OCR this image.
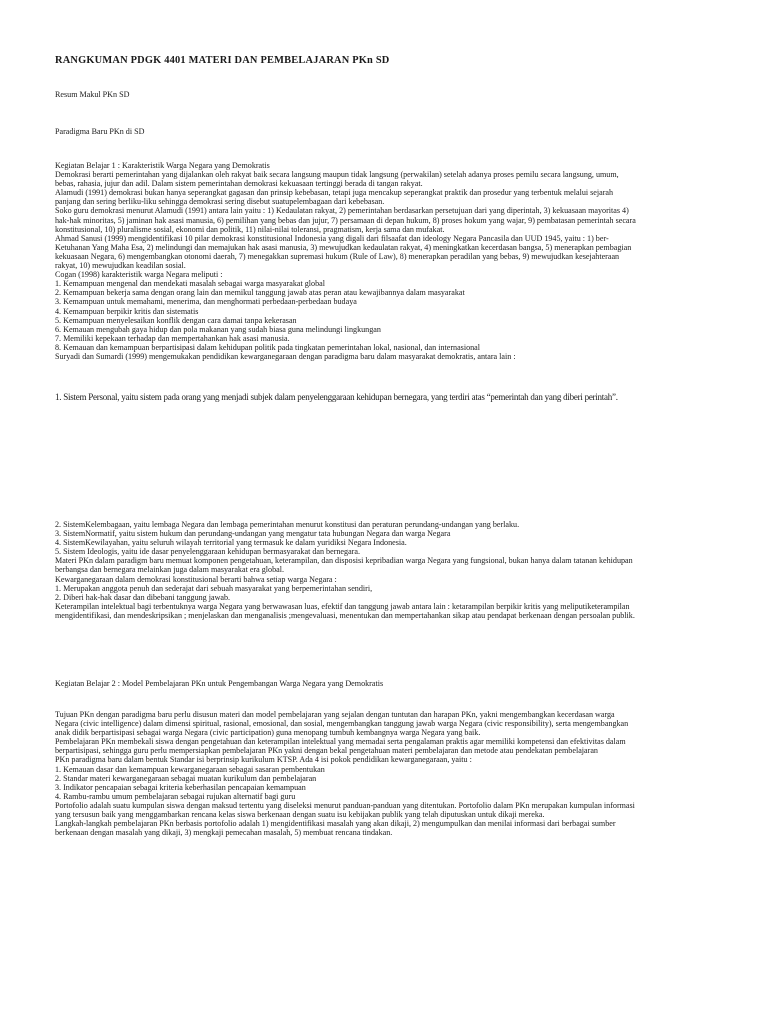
RANGKUMAN PDGK 4401 MATERI DAN PEMBELAJARAN PKn SD
Resum Makul PKn SD
Paradigma Baru PKn di SD
Kegiatan Belajar 1 : Karakteristik Warga Negara yang Demokratis
Demokrasi berarti pemerintahan yang dijalankan oleh rakyat baik secara langsung maupun tidak langsung (perwakilan) setelah adanya proses pemilu secara langsung, umum,
bebas, rahasia, jujur dan adil. Dalam sistem pemerintahan demokrasi kekuasaan tertinggi berada di tangan rakyat.
Alamudi (1991) demokrasi bukan hanya seperangkat gagasan dan prinsip kebebasan, tetapi juga mencakup seperangkat praktik dan prosedur yang terbentuk melalui sejarah
panjang dan sering berliku-liku sehingga demokrasi sering disebut suatupelembagaan dari kebebasan.
Soko guru demokrasi menurut Alamudi (1991) antara lain yaitu : 1) Kedaulatan rakyat, 2) pemerintahan berdasarkan persetujuan dari yang diperintah, 3) kekuasaan mayoritas 4)
hak-hak minoritas, 5) jaminan hak asasi manusia, 6) pemilihan yang bebas dan jujur, 7) persamaan di depan hukum, 8) proses hokum yang wajar, 9) pembatasan pemerintah secara
konstitusional, 10) pluralisme sosial, ekonomi dan politik, 11) nilai-nilai toleransi, pragmatism, kerja sama dan mufakat.
Ahmad Sanusi (1999) mengidentifikasi 10 pilar demokrasi konstitusional Indonesia yang digali dari filsaafat dan ideology Negara Pancasila dan UUD 1945, yaitu : 1) ber-
Ketuhanan Yang Maha Esa, 2) melindungi dan memajukan hak asasi manusia, 3) mewujudkan kedaulatan rakyat, 4) meningkatkan kecerdasan bangsa, 5) menerapkan pembagian
kekuasaan Negara, 6) mengembangkan otonomi daerah, 7) menegakkan supremasi hukum (Rule of Law), 8) menerapkan peradilan yang bebas, 9) mewujudkan kesejahteraan
rakyat, 10) mewujudkan keadilan sosial.
Cogan (1998) karakteristik warga Negara meliputi :
1. Kemampuan mengenal dan mendekati masalah sebagai warga masyarakat global
2. Kemampuan bekerja sama dengan orang lain dan memikul tanggung jawab atas peran atau kewajibannya dalam masyarakat
3. Kemampuan untuk memahami, menerima, dan menghormati perbedaan-perbedaan budaya
4. Kemampuan berpikir kritis dan sistematis
5. Kemampuan menyelesaikan konflik dengan cara damai tanpa kekerasan
6. Kemauan mengubah gaya hidup dan pola makanan yang sudah biasa guna melindungi lingkungan
7. Memiliki kepekaan terhadap dan mempertahankan hak asasi manusia.
8. Kemauan dan kemampuan berpartisipasi dalam kehidupan politik pada tingkatan pemerintahan lokal, nasional, dan internasional
Suryadi dan Sumardi (1999) mengemukakan pendidikan kewarganegaraan dengan paradigma baru dalam masyarakat demokratis, antara lain :
1. Sistem Personal, yaitu sistem pada orang yang menjadi subjek dalam penyelenggaraan kehidupan bernegara, yang terdiri atas “pemerintah dan yang diberi perintah”.
2. SistemKelembagaan, yaitu lembaga Negara dan lembaga pemerintahan menurut konstitusi dan peraturan perundang-undangan yang berlaku.
3. SistemNormatif, yaitu sistem hukum dan perundang-undangan yang mengatur tata hubungan Negara dan warga Negara
4. SistemKewilayahan, yaitu seluruh wilayah territorial yang termasuk ke dalam yuridiksi Negara Indonesia.
5. Sistem Ideologis, yaitu ide dasar penyelenggaraan kehidupan bermasyarakat dan bernegara.
Materi PKn dalam paradigm baru memuat komponen pengetahuan, keterampilan, dan disposisi kepribadian warga Negara yang fungsional, bukan hanya dalam tatanan kehidupan
berbangsa dan bernegara melainkan juga dalam masyarakat era global.
Kewarganegaraan dalam demokrasi konstitusional berarti bahwa setiap warga Negara :
1. Merupakan anggota penuh dan sederajat dari sebuah masyarakat yang berpemerintahan sendiri,
2. Diberi hak-hak dasar dan dibebani tanggung jawab.
Keterampilan intelektual bagi terbentuknya warga Negara yang berwawasan luas, efektif dan tanggung jawab antara lain : ketarampilan berpikir kritis yang meliputiketerampilan
mengidentifikasi, dan mendeskripsikan ; menjelaskan dan menganalisis ;mengevaluasi, menentukan dan mempertahankan sikap atau pendapat berkenaan dengan persoalan publik.
Kegiatan Belajar 2 : Model Pembelajaran PKn untuk Pengembangan Warga Negara yang Demokratis
Tujuan PKn dengan paradigma baru perlu disusun materi dan model pembelajaran yang sejalan dengan tuntutan dan harapan PKn, yakni mengembangkan kecerdasan warga
Negara (civic intelligence) dalam dimensi spiritual, rasional, emosional, dan sosial, mengembangkan tanggung jawab warga Negara (civic responsibility), serta mengembangkan
anak didik berpartisipasi sebagai warga Negara (civic participation) guna menopang tumbuh kembangnya warga Negara yang baik.
Pembelajaran PKn membekali siswa dengan pengetahuan dan keterampilan intelektual yang memadai serta pengalaman praktis agar memiliki kompetensi dan efektivitas dalam
berpartisipasi, sehingga guru perlu mempersiapkan pembelajaran PKn yakni dengan bekal pengetahuan materi pembelajaran dan metode atau pendekatan pembelajaran
PKn paradigma baru dalam bentuk Standar isi berprinsip kurikulum KTSP. Ada 4 isi pokok pendidikan kewarganegaraan, yaitu :
1. Kemauan dasar dan kemampuan kewarganegaraan sebagai sasaran pembentukan
2. Standar materi kewarganegaraan sebagai muatan kurikulum dan pembelajaran
3. Indikator pencapaian sebagai kriteria keberhasilan pencapaian kemampuan
4. Rambu-rambu umum pembelajaran sebagai rujukan alternatif bagi guru
Portofolio adalah suatu kumpulan siswa dengan maksud tertentu yang diseleksi menurut panduan-panduan yang ditentukan. Portofolio dalam PKn merupakan kumpulan informasi
yang tersusun baik yang menggambarkan rencana kelas siswa berkenaan dengan suatu isu kebijakan publik yang telah diputuskan untuk dikaji mereka.
Langkah-langkah pembelajaran PKn berbasis portofolio adalah 1) mengidentifikasi masalah yang akan dikaji, 2) mengumpulkan dan menilai informasi dari berbagai sumber
berkenaan dengan masalah yang dikaji, 3) mengkaji pemecahan masalah, 5) membuat rencana tindakan.
